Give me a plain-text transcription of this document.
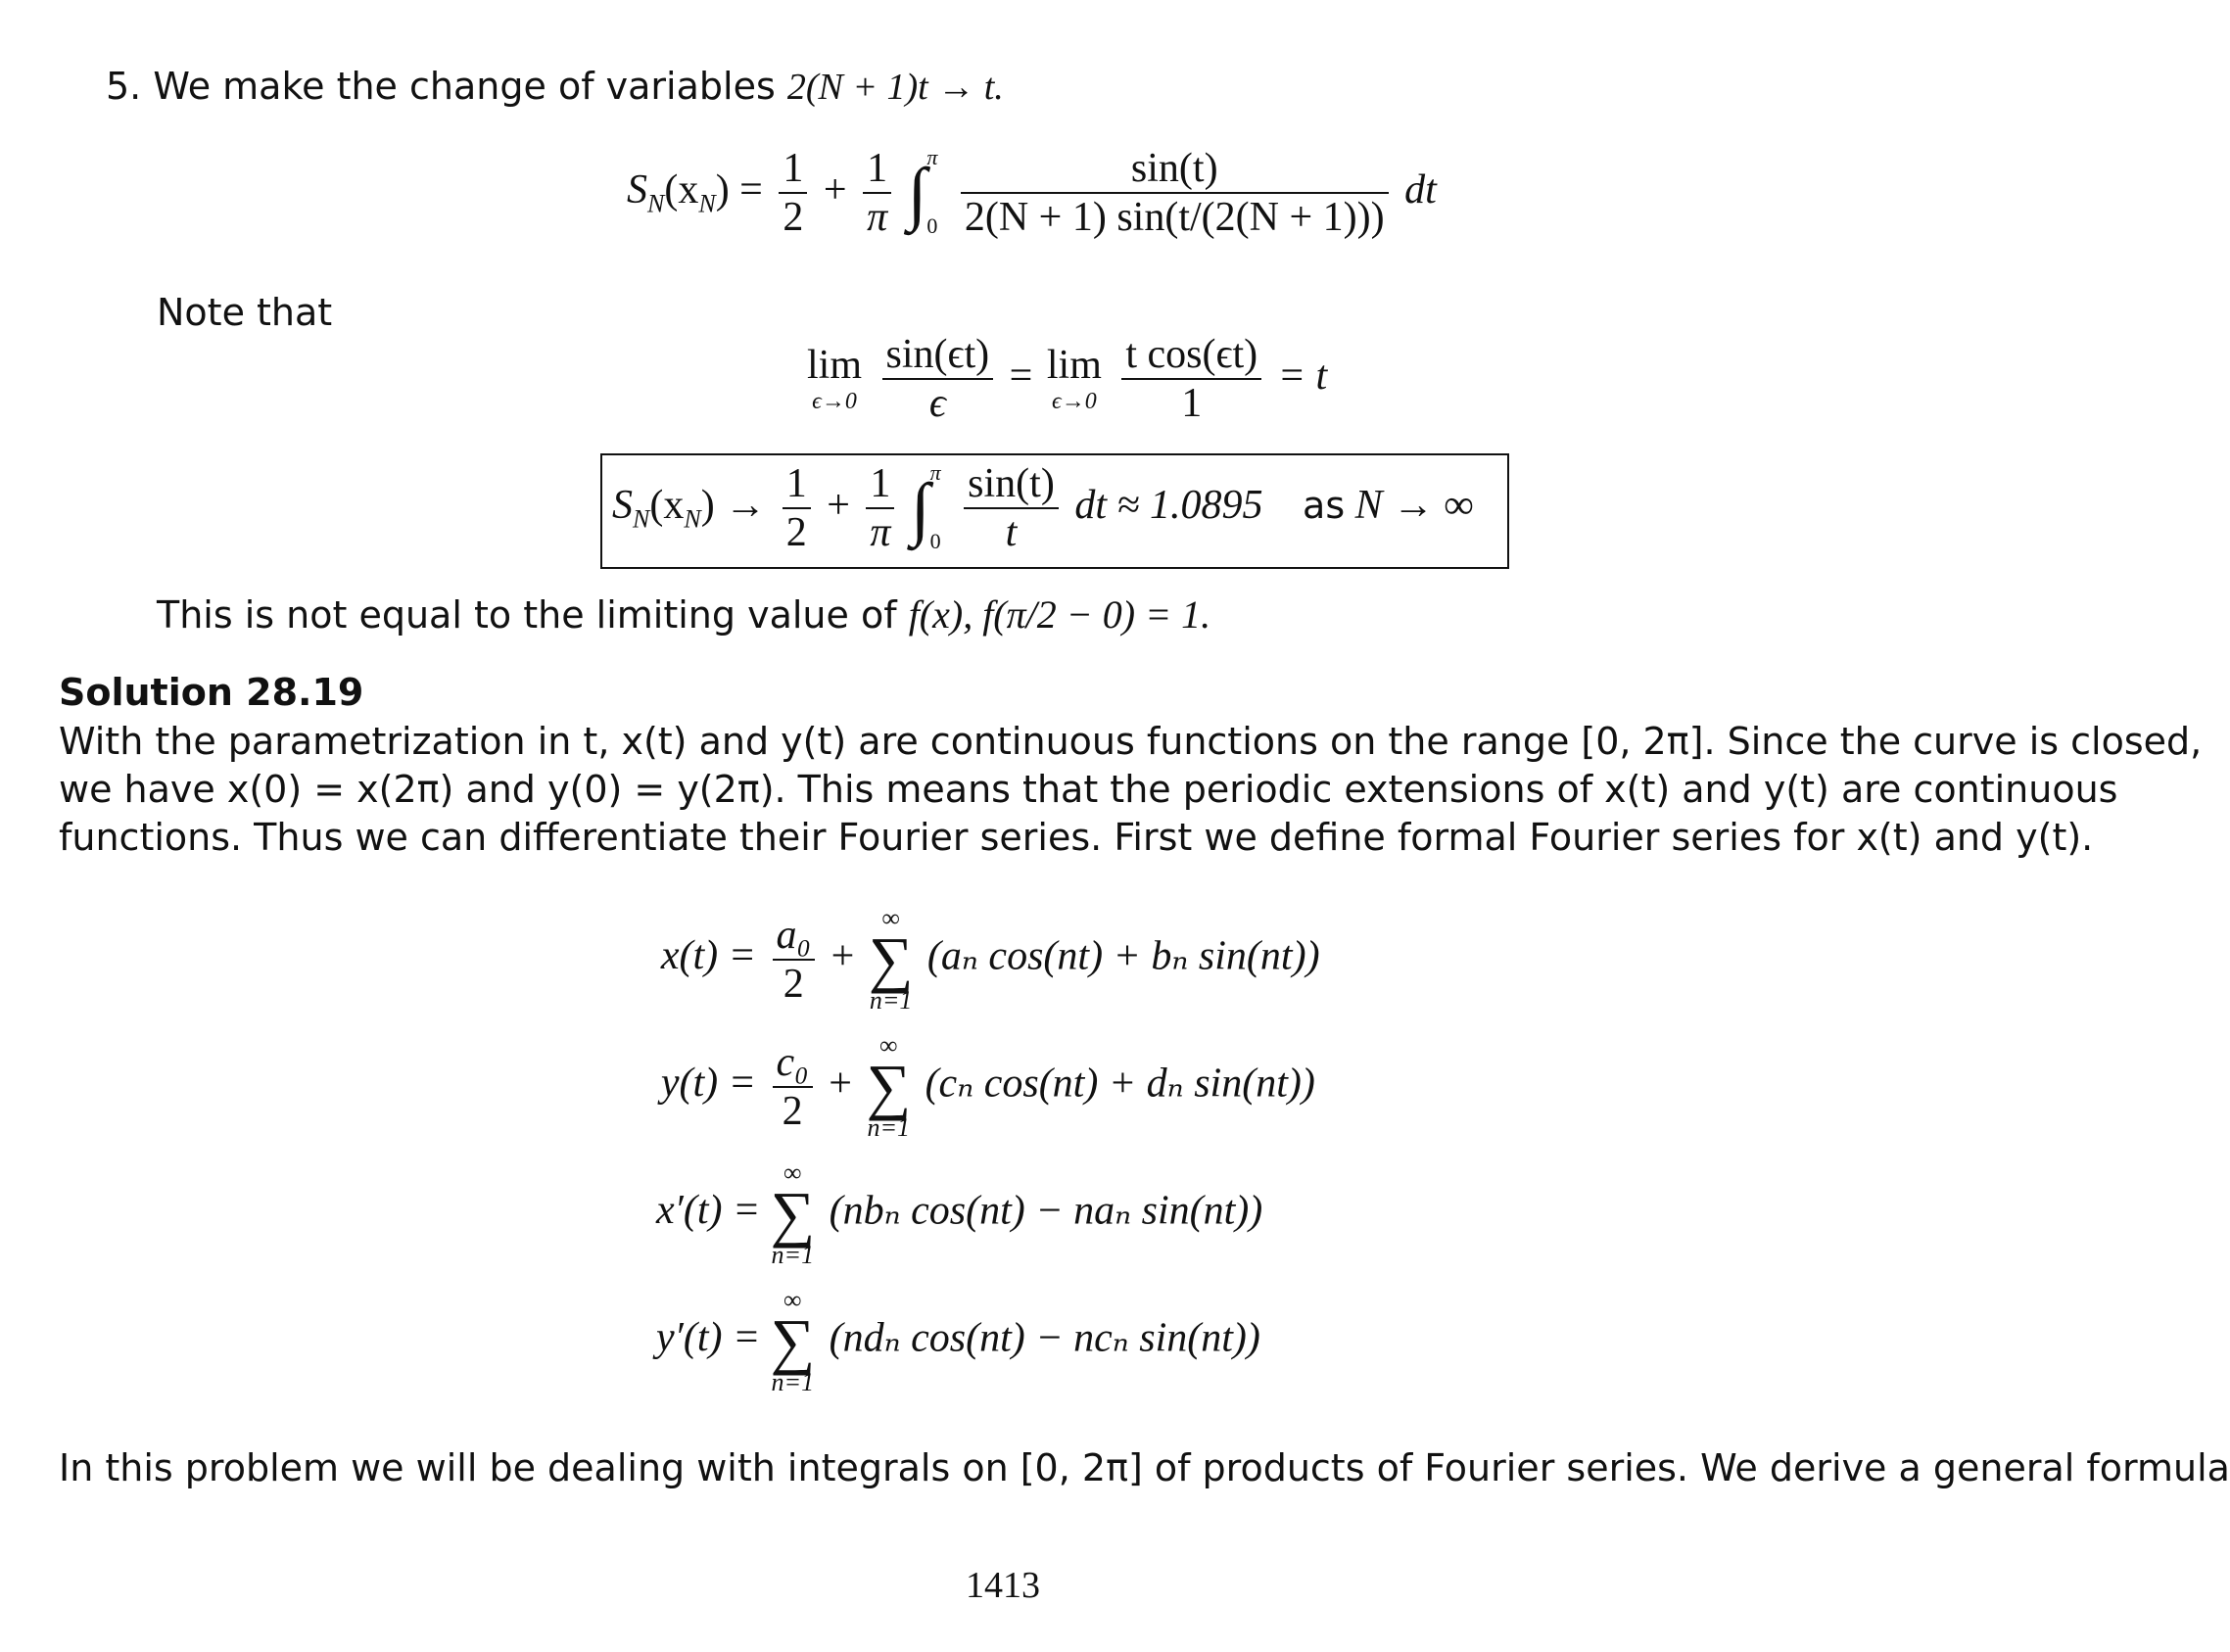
5. We make the change of variables 2(N + 1)t → t.
$S_N(x_N) = \frac{1}{2} + \frac{1}{\pi}$ ∫ π
0
$\frac{\sin(t)}{2(N + 1) \sin(t/(2(N + 1)))}$ dt
Note that
lim
ϵ→0
$\frac{\sin(\epsilon t)}{\epsilon} = \lim$
ϵ→0
$\frac{\text{t cos(ϵt)}}{1} = t$
$S_N(x_N) \to \frac{1}{2} + \frac{1}{\pi}$ ∫ π
0
$\frac{\sin(t)}{t}$ dt ≈ 1.0895 as N → ∞
This is not equal to the limiting value of f(x), f(π/2 − 0) = 1.
Solution 28.19
With the parametrization in t, x(t) and y(t) are continuous functions on the range [0, 2π]. Since the curve is closed,
we have x(0) = x(2π) and y(0) = y(2π). This means that the periodic extensions of x(t) and y(t) are continuous
functions. Thus we can differentiate their Fourier series. First we define formal Fourier series for x(t) and y(t).
$x(t) = \frac{\text{a₀}}{2}$ +
∞
∑
n=1
(aₙ cos(nt) + bₙ sin(nt))
$y(t) = \frac{\text{c₀}}{2}$ +
∞
∑
n=1
(cₙ cos(nt) + dₙ sin(nt))
x′(t) =
∞
∑
n=1
(nbₙ cos(nt) − naₙ sin(nt))
y′(t) =
∞
∑
n=1
(ndₙ cos(nt) − ncₙ sin(nt))
In this problem we will be dealing with integrals on [0, 2π] of products of Fourier series. We derive a general formula
1413
